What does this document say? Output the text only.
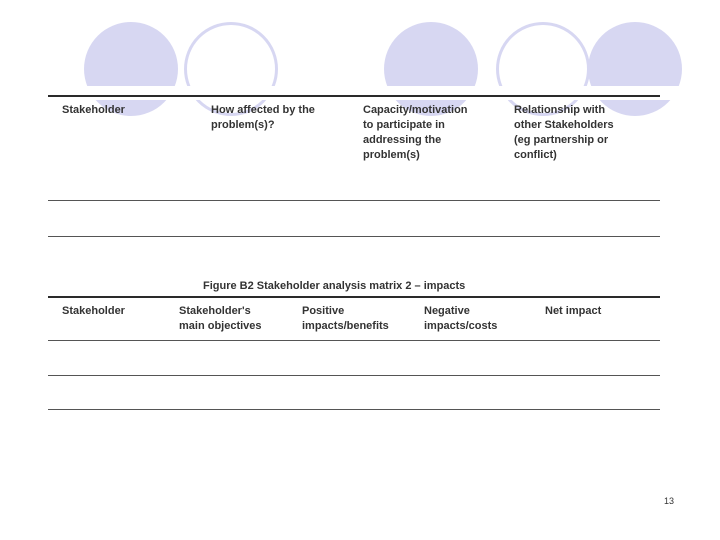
Stakeholder	How affected by the
problem(s)?
Capacity/motivation
to participate in
addressing the
problem(s)
Relationship with
other Stakeholders
(eg partnership or
conflict)
Figure B2 Stakeholder analysis matrix 2 – impacts
Stakeholder	Stakeholder's
main objectives
Positive
impacts/benefits
Negative
impacts/costs
Net impact
13
